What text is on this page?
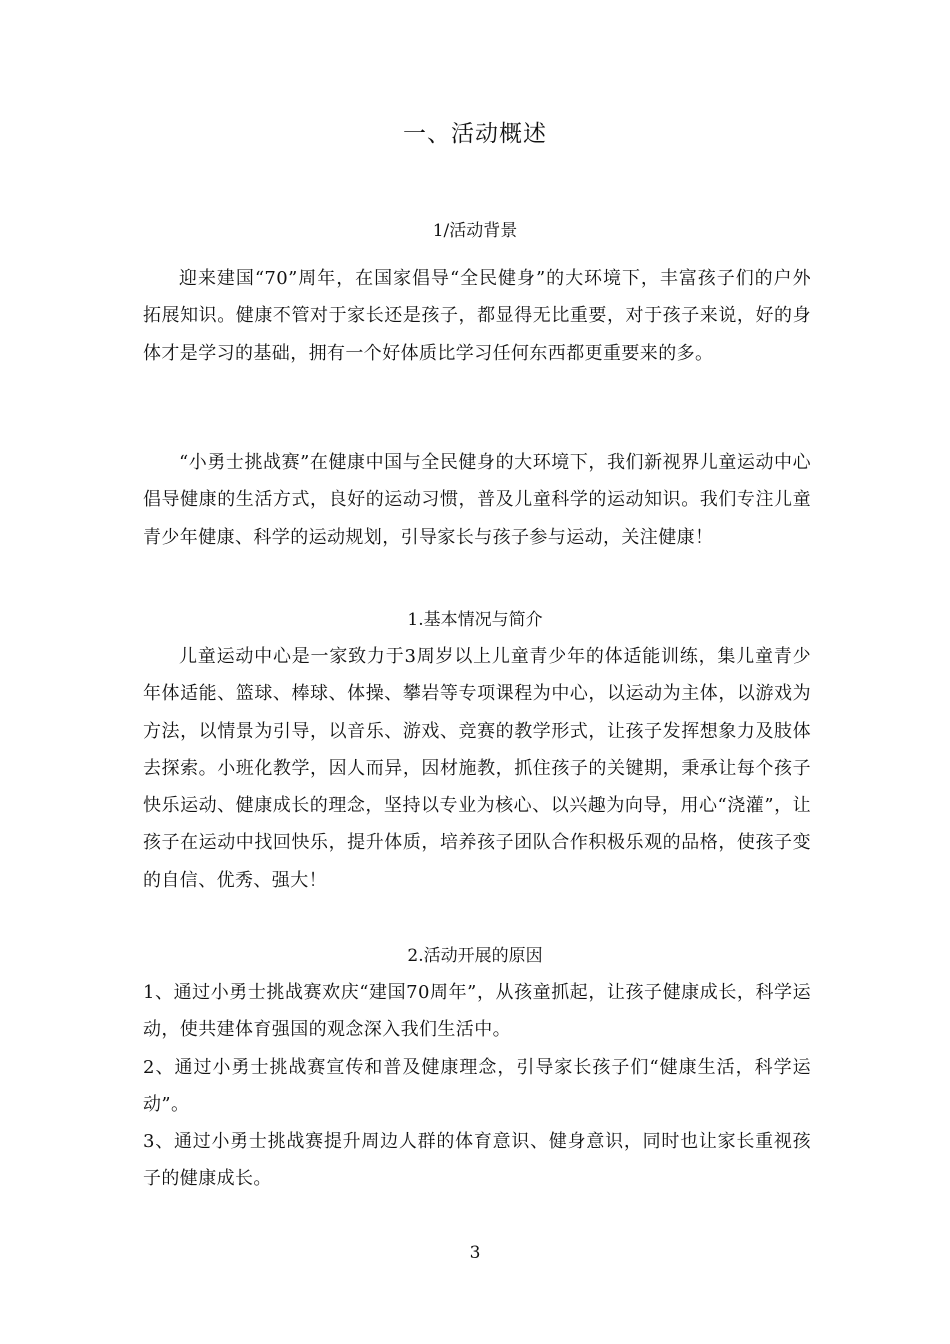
一、活动概述
1/活动背景
迎来建国“70”周年，在国家倡导“全民健身”的大环境下，丰富孩子们的户外拓展知识。健康不管对于家长还是孩子，都显得无比重要，对于孩子来说，好的身体才是学习的基础，拥有一个好体质比学习任何东西都更重要来的多。
“小勇士挑战赛”在健康中国与全民健身的大环境下，我们新视界儿童运动中心倡导健康的生活方式，良好的运动习惯，普及儿童科学的运动知识。我们专注儿童青少年健康、科学的运动规划，引导家长与孩子参与运动，关注健康！
1.基本情况与简介
儿童运动中心是一家致力于3周岁以上儿童青少年的体适能训练，集儿童青少年体适能、篮球、棒球、体操、攀岩等专项课程为中心，以运动为主体，以游戏为方法，以情景为引导，以音乐、游戏、竞赛的教学形式，让孩子发挥想象力及肢体去探索。小班化教学，因人而异，因材施教，抓住孩子的关键期，秉承让每个孩子快乐运动、健康成长的理念，坚持以专业为核心、以兴趣为向导，用心“浇灌”，让孩子在运动中找回快乐，提升体质，培养孩子团队合作积极乐观的品格，使孩子变的自信、优秀、强大！
2.活动开展的原因
1、通过小勇士挑战赛欢庆“建国70周年”，从孩童抓起，让孩子健康成长，科学运动，使共建体育强国的观念深入我们生活中。
2、通过小勇士挑战赛宣传和普及健康理念，引导家长孩子们“健康生活，科学运动”。
3、通过小勇士挑战赛提升周边人群的体育意识、健身意识，同时也让家长重视孩子的健康成长。
3
